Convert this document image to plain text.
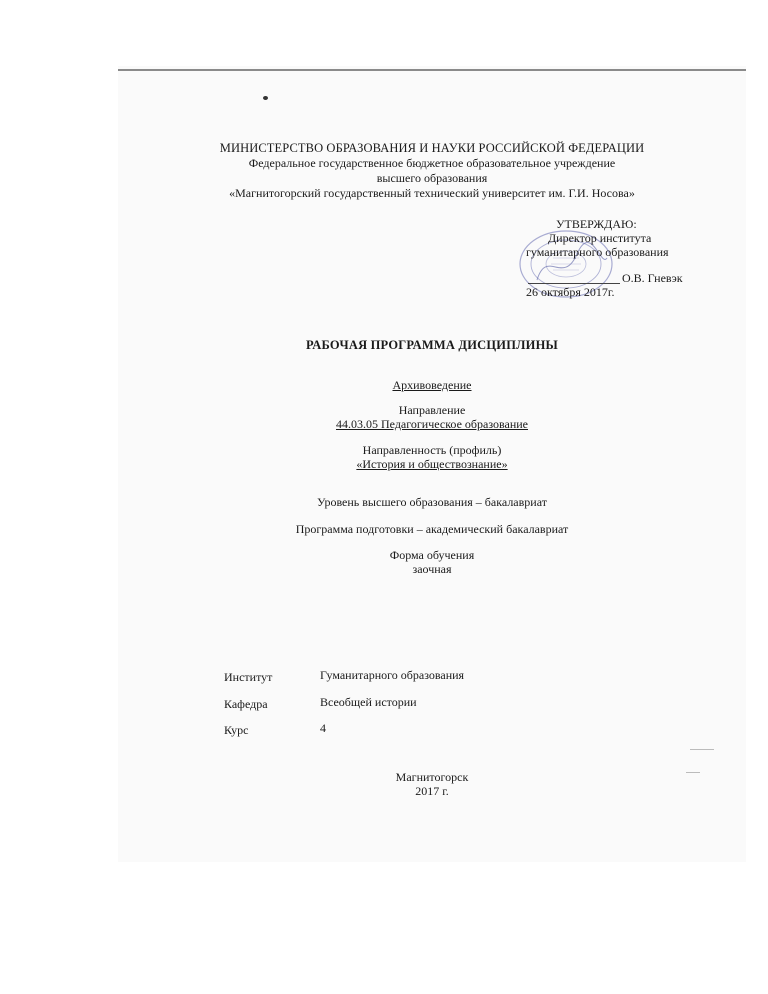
МИНИСТЕРСТВО ОБРАЗОВАНИЯ И НАУКИ РОССИЙСКОЙ ФЕДЕРАЦИИ
Федеральное государственное бюджетное образовательное учреждение
высшего образования
«Магнитогорский государственный технический университет им. Г.И. Носова»
УТВЕРЖДАЮ:
Директор института
гуманитарного образования
О.В. Гневэк
26 октября 2017г.
РАБОЧАЯ ПРОГРАММА ДИСЦИПЛИНЫ
Архивоведение
Направление
44.03.05 Педагогическое образование
Направленность (профиль)
«История и обществознание»
Уровень высшего образования – бакалавриат
Программа подготовки – академический бакалавриат
Форма обучения
заочная
Институт	Гуманитарного образования
Кафедра	Всеобщей истории
Курс	4
Магнитогорск
2017 г.
